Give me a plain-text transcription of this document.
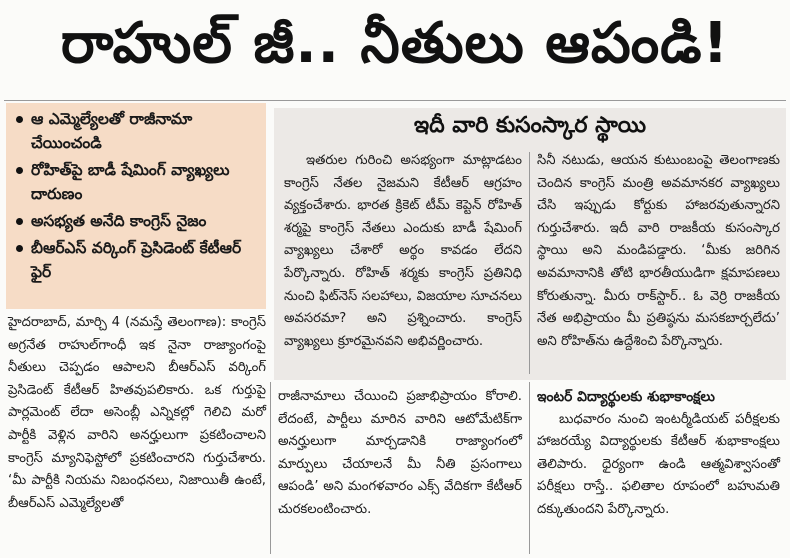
రాహుల్ జీ.. నీతులు ఆపండి!
ఆ ఎమ్మెల్యేలతో రాజీనామా చేయించండి
రోహిత్‌పై బాడీ షేమింగ్ వ్యాఖ్యలు దారుణం
అసభ్యత అనేది కాంగ్రెస్ నైజం
బీఆర్ఎస్ వర్కింగ్ ప్రెసిడెంట్ కేటీఆర్ ఫైర్
ఇదీ వారి కుసంస్కార స్థాయి

ఇతరుల గురించి అసభ్యంగా మాట్లాడటం కాంగ్రెస్ నేతల నైజమని కేటీఆర్ ఆగ్రహం వ్యక్తంచేశారు. భారత క్రికెట్ టీమ్ కెప్టెన్ రోహిత్ శర్మపై కాంగ్రెస్ నేతలు ఎందుకు బాడీ షేమింగ్ వ్యాఖ్యలు చేశారో అర్థం కావడం లేదని పేర్కొన్నారు. రోహిత్ శర్మకు కాంగ్రెస్ ప్రతినిధి నుంచి ఫిట్‌నెస్ సలహాలు, విజయాల సూచనలు అవసరమా? అని ప్రశ్నించారు. కాంగ్రెస్ వ్యాఖ్యలు క్రూరమైనవని అభివర్ణించారు.

సినీ నటుడు, ఆయన కుటుంబంపై తెలంగాణకు చెందిన కాంగ్రెస్ మంత్రి అవమానకర వ్యాఖ్యలు చేసి ఇప్పుడు కోర్టుకు హాజరవుతున్నారని గుర్తుచేశారు. ఇదీ వారి రాజకీయ కుసంస్కార స్థాయి అని మండిపడ్డారు. ‘మీకు జరిగిన అవమానానికి తోటి భారతీయుడిగా క్షమాపణలు కోరుతున్నా. మీరు రాక్‌స్టార్.. ఓ వెర్రి రాజకీయ నేత అభిప్రాయం మీ ప్రతిష్ఠను మసకబార్చలేదు’ అని రోహిత్‌ను ఉద్దేశించి పేర్కొన్నారు.

హైదరాబాద్, మార్చి 4 (నమస్తే తెలంగాణ): కాంగ్రెస్ అగ్రనేత రాహుల్‌గాంధీ ఇక నైనా రాజ్యాంగంపై నీతులు చెప్పడం ఆపాలని బీఆర్ఎస్ వర్కింగ్ ప్రెసిడెంట్ కేటీఆర్ హితవుపలికారు. ఒక గుర్తుపై పార్లమెంట్ లేదా అసెంబ్లీ ఎన్నికల్లో గెలిచి మరో పార్టీకి వెళ్లిన వారిని అనర్హులుగా ప్రకటించాలని కాంగ్రెస్ మ్యానిఫెస్టోలో ప్రకటించారని గుర్తుచేశారు. ‘మీ పార్టీకి నియమ నిబంధనలు, నిజాయితీ ఉంటే, బీఆర్ఎస్ ఎమ్మెల్యేలతో

రాజీనామాలు చేయించి ప్రజాభిప్రాయం కోరాలి. లేదంటే, పార్టీలు మారిన వారిని ఆటోమేటిక్‌గా అనర్హులుగా మార్చడానికి రాజ్యాంగంలో మార్పులు చేయాలనే మీ నీతి ప్రసంగాలు ఆపండి’ అని మంగళవారం ఎక్స్ వేదికగా కేటీఆర్ చురకలంటించారు.

ఇంటర్ విద్యార్థులకు శుభాకాంక్షలు

బుధవారం నుంచి ఇంటర్మీడియట్ పరీక్షలకు హాజరయ్యే విద్యార్థులకు కేటీఆర్ శుభాకాంక్షలు తెలిపారు. ధైర్యంగా ఉండి ఆత్మవిశ్వాసంతో పరీక్షలు రాస్తే.. ఫలితాల రూపంలో బహుమతి దక్కుతుందని పేర్కొన్నారు.
